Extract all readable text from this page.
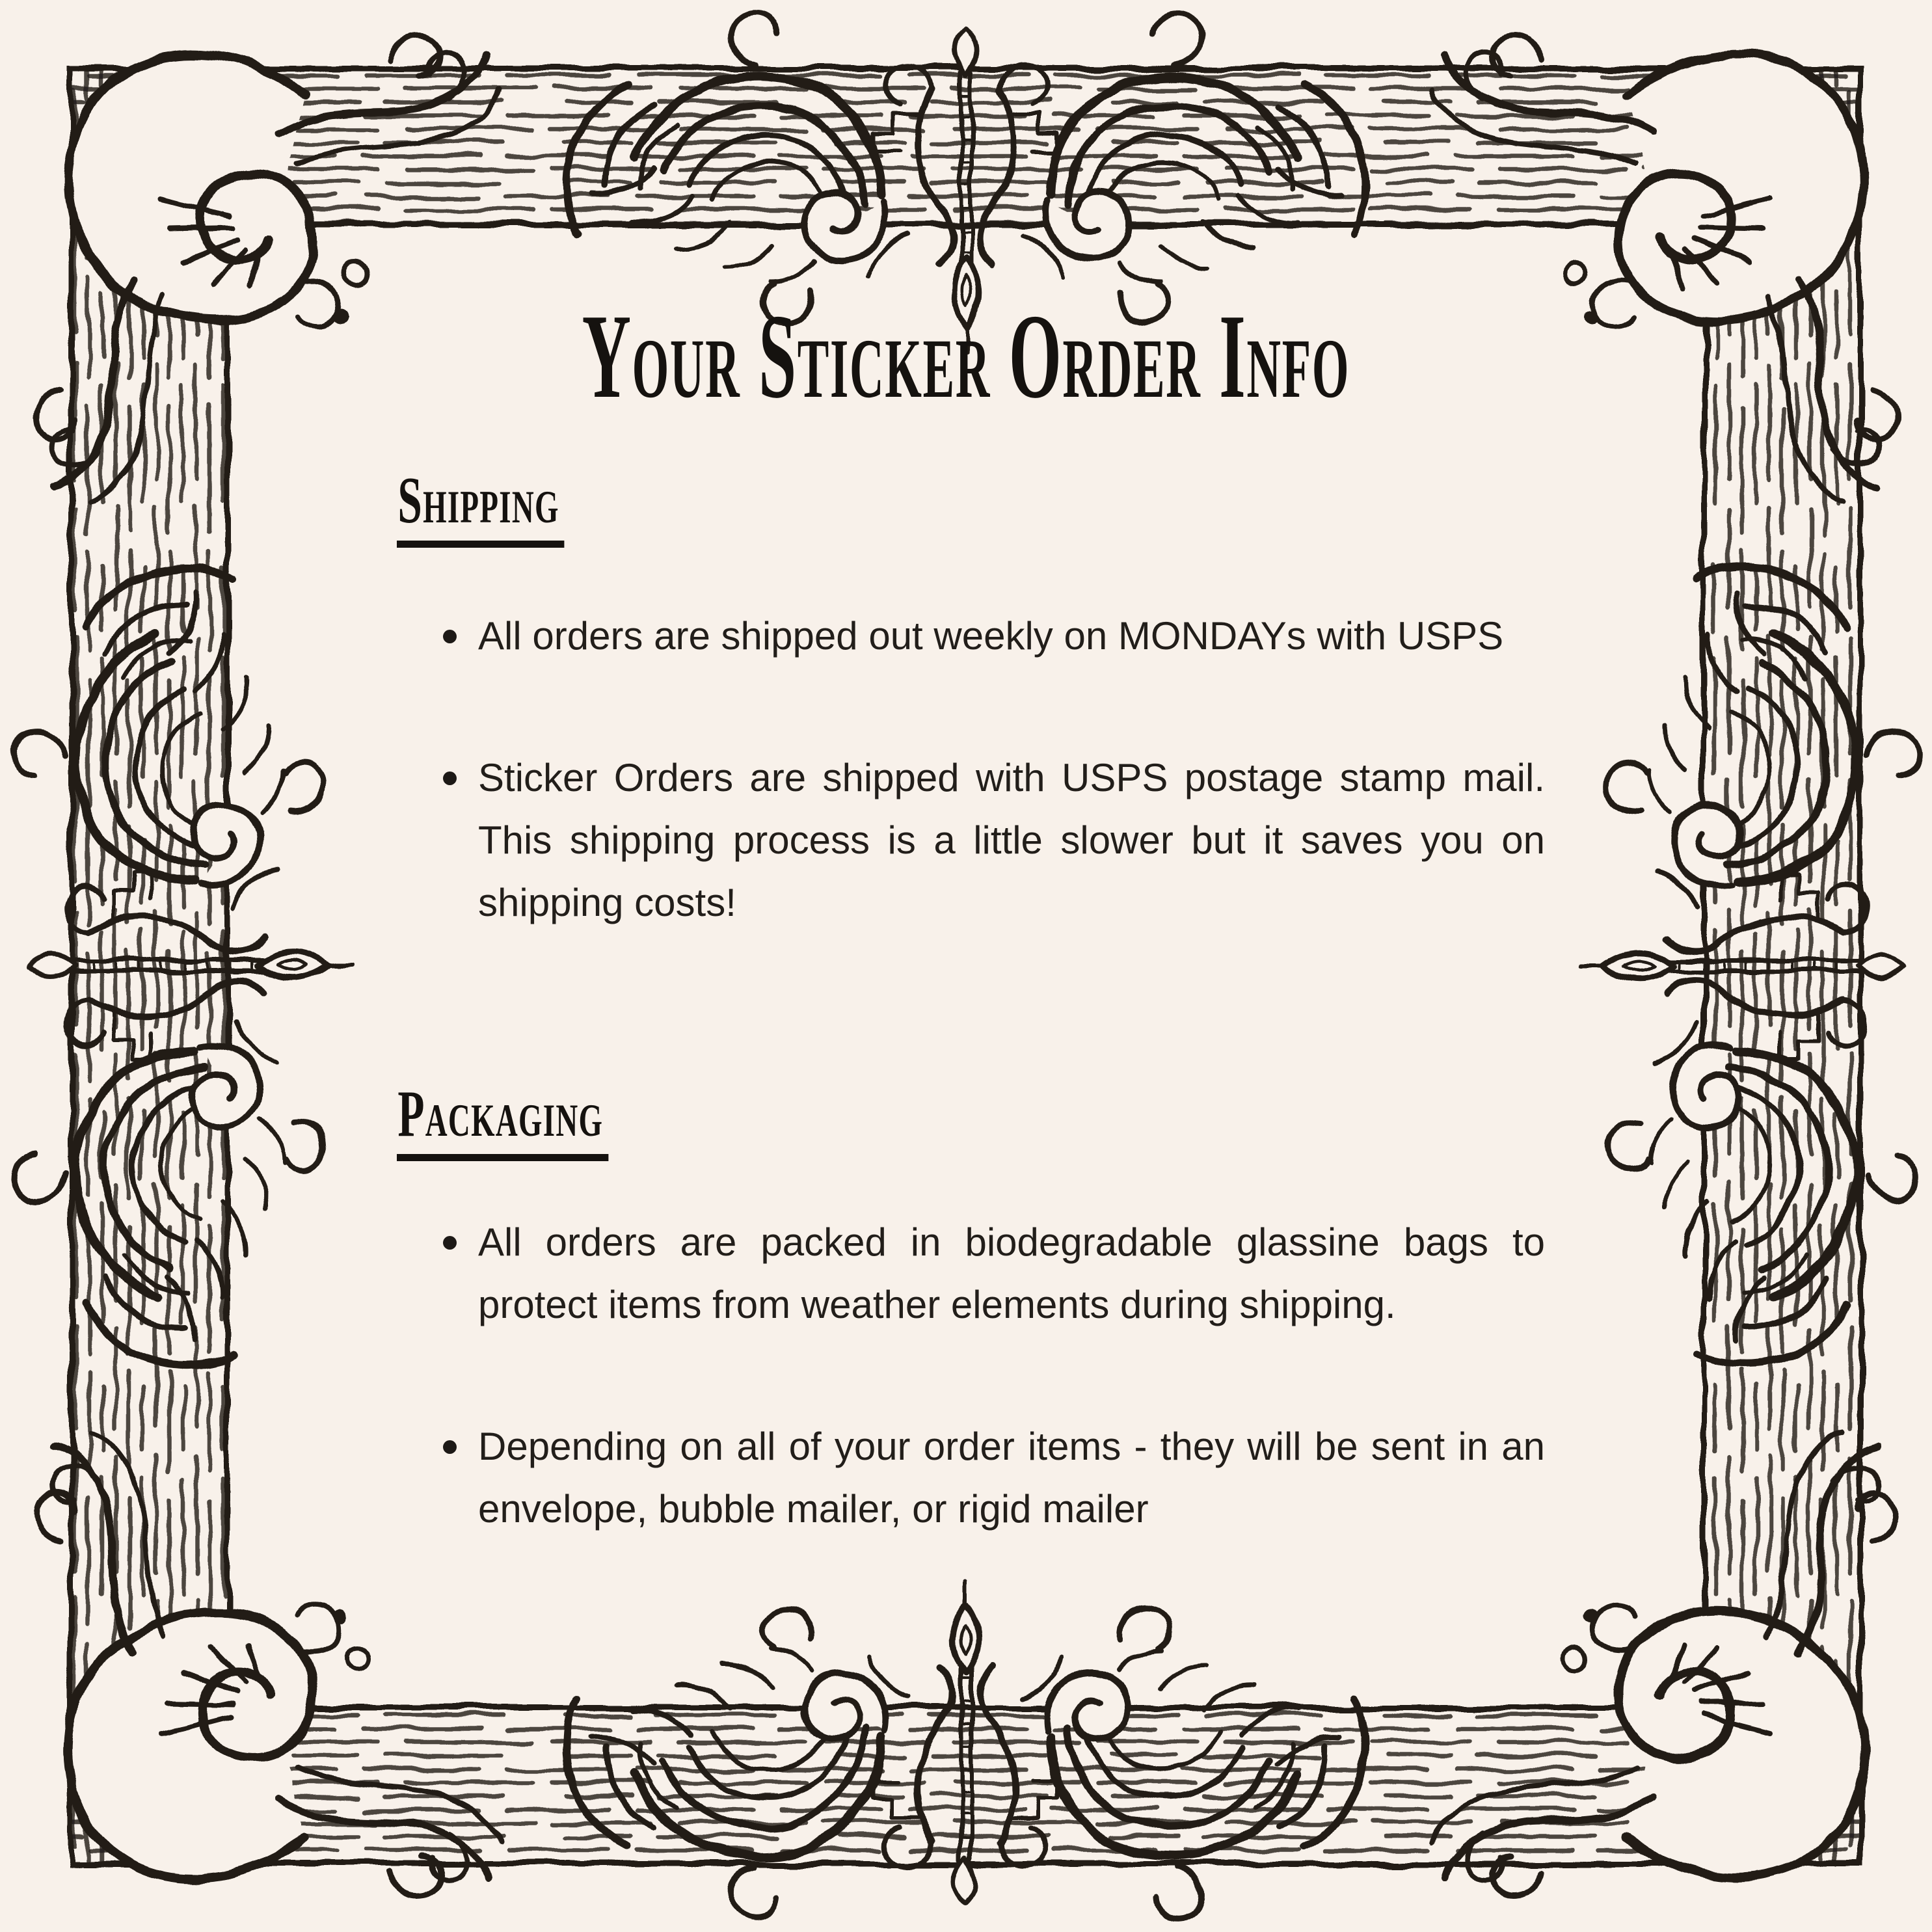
Your Sticker Order Info
Shipping
All orders are shipped out weekly on MONDAYs with USPS
Sticker Orders are shipped with USPS postage stamp mail. This shipping process is a little slower but it saves you on shipping costs!
Packaging
All orders are packed in biodegradable glassine bags to protect items from weather elements during shipping.
Depending on all of your order items - they will be sent in an envelope, bubble mailer, or rigid mailer
